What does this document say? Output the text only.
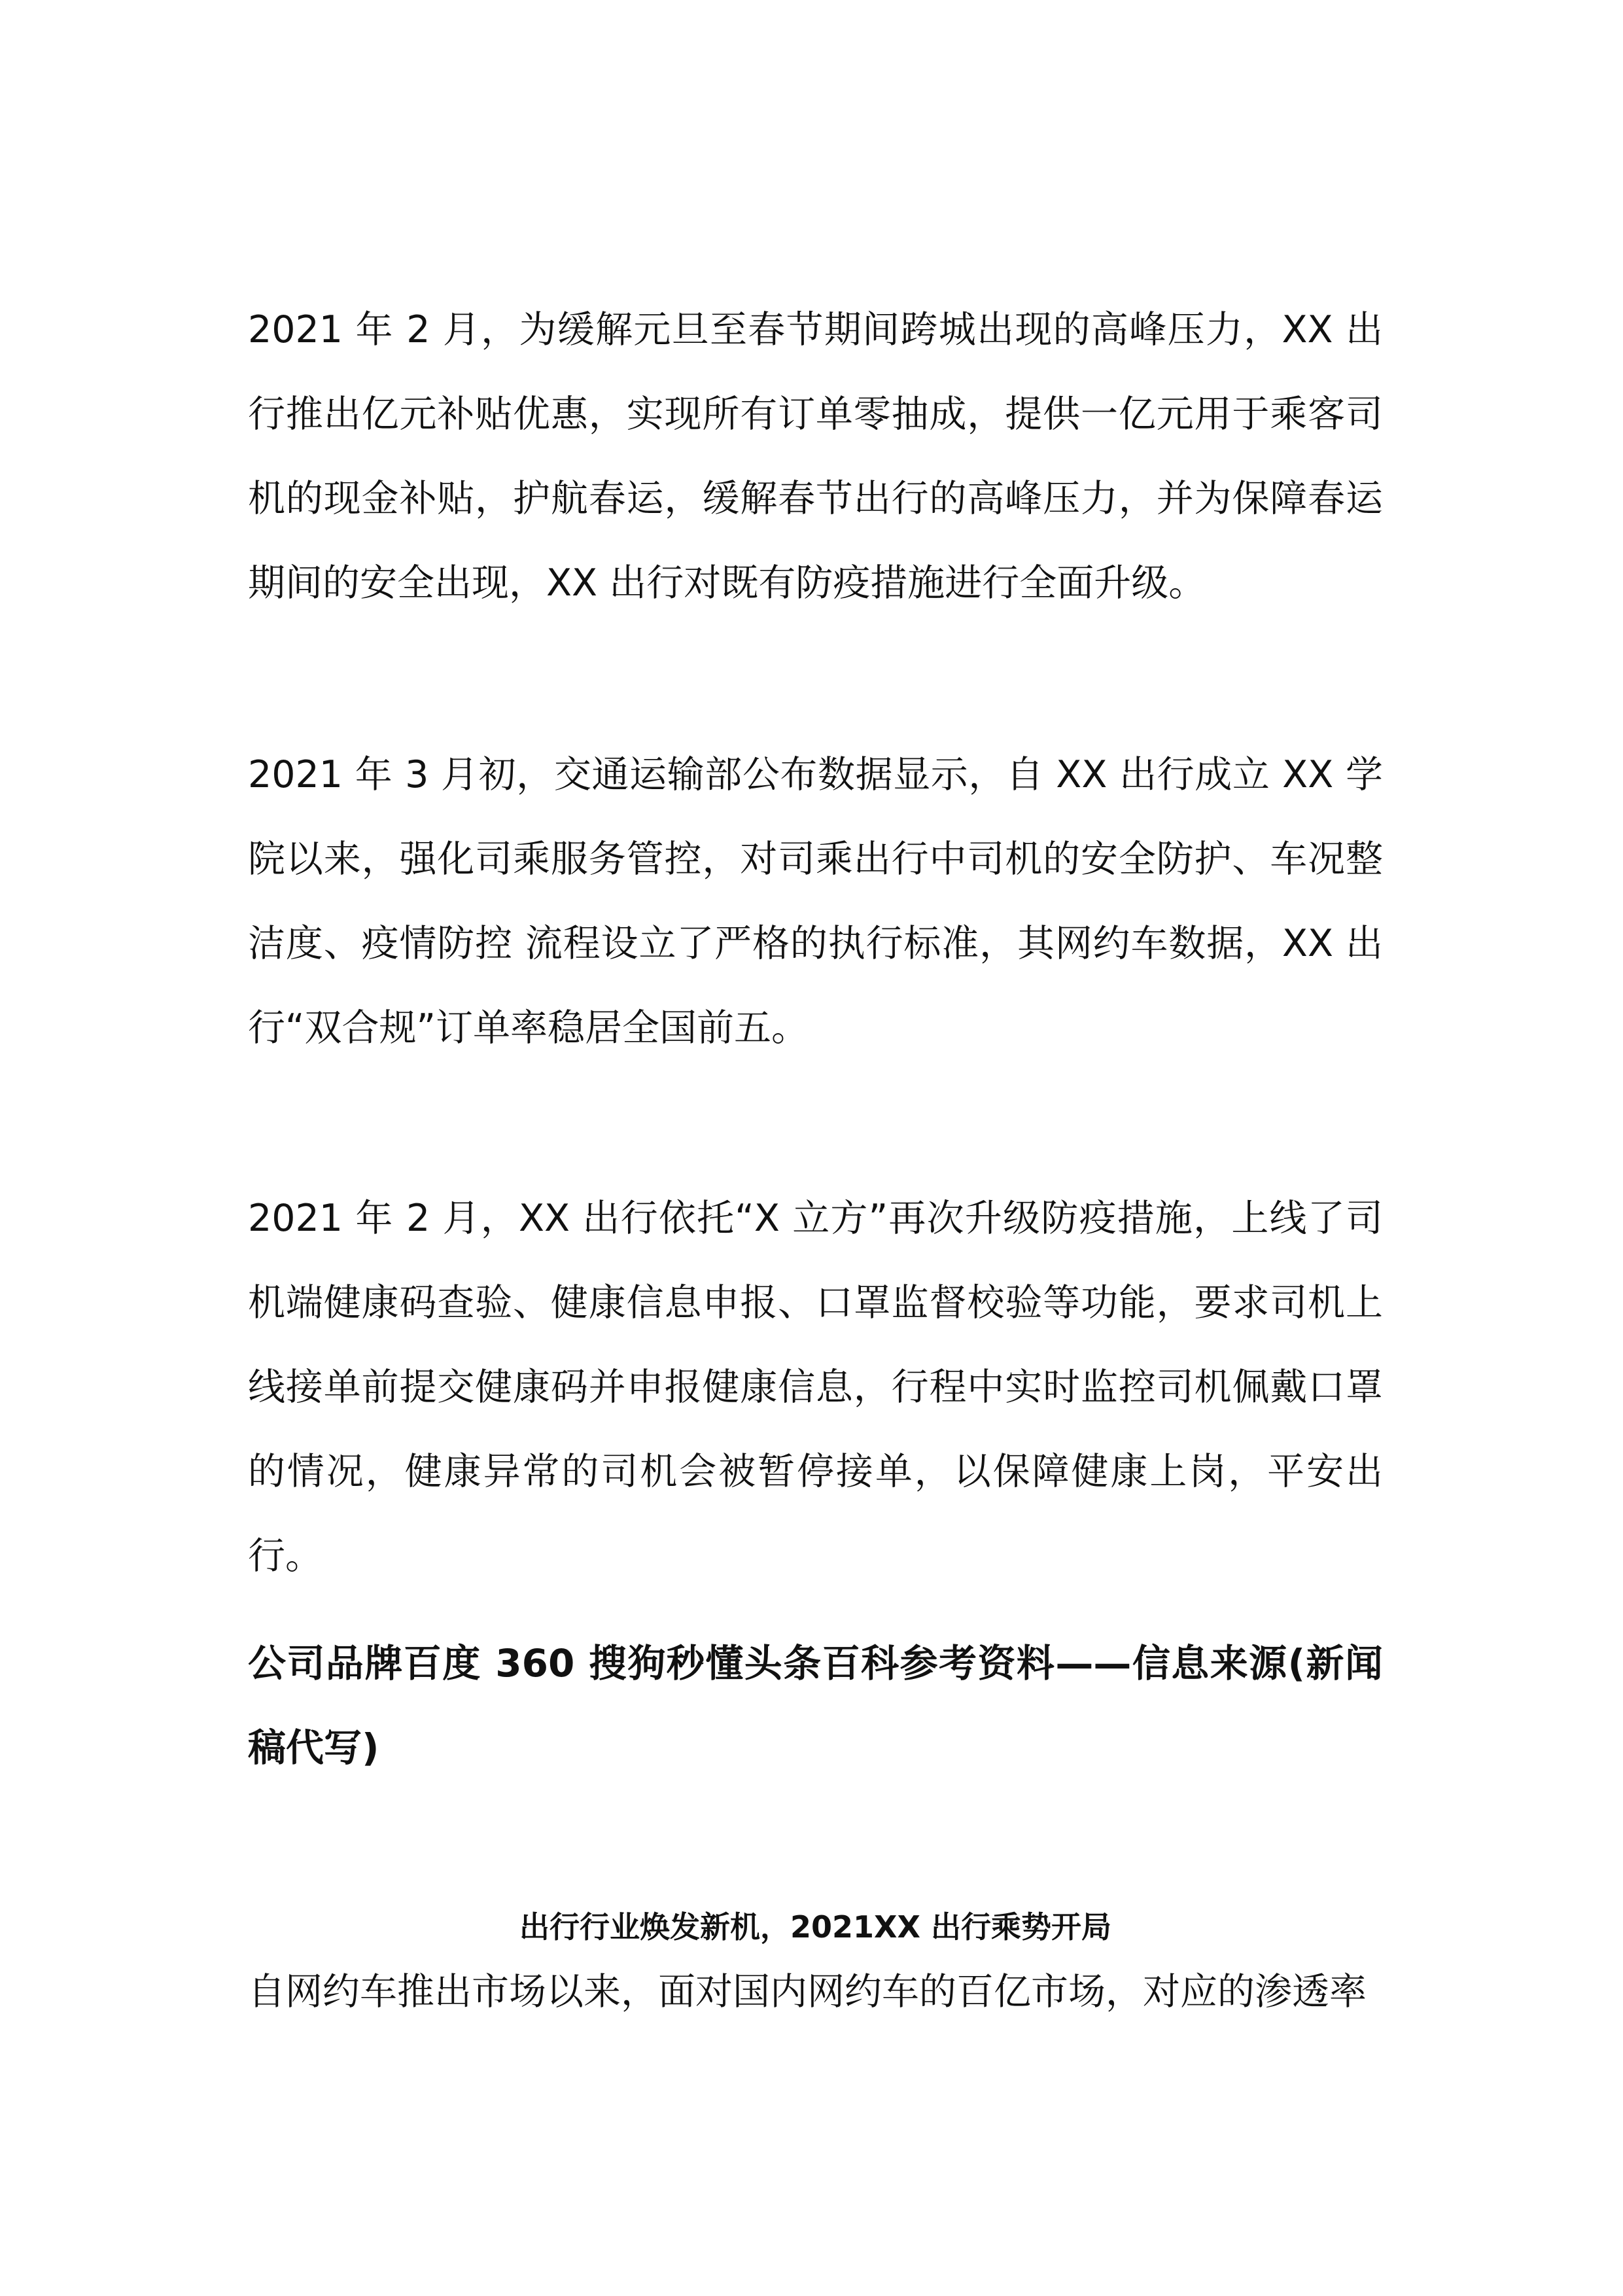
2021 年 2 月，为缓解元旦至春节期间跨城出现的高峰压力，XX 出行推出亿元补贴优惠，实现所有订单零抽成，提供一亿元用于乘客司机的现金补贴，护航春运，缓解春节出行的高峰压力，并为保障春运期间的安全出现，XX 出行对既有防疫措施进行全面升级。

2021 年 3 月初，交通运输部公布数据显示，自 XX 出行成立 XX 学院以来，强化司乘服务管控，对司乘出行中司机的安全防护、车况整洁度、疫情防控 流程设立了严格的执行标准，其网约车数据，XX 出行“双合规”订单率稳居全国前五。

2021 年 2 月，XX 出行依托“X 立方”再次升级防疫措施，上线了司机端健康码查验、健康信息申报、口罩监督校验等功能，要求司机上线接单前提交健康码并申报健康信息，行程中实时监控司机佩戴口罩的情况，健康异常的司机会被暂停接单，以保障健康上岗，平安出行。

公司品牌百度 360 搜狗秒懂头条百科参考资料——信息来源(新闻稿代写)
出行行业焕发新机，2021XX 出行乘势开局

自网约车推出市场以来，面对国内网约车的百亿市场，对应的渗透率
